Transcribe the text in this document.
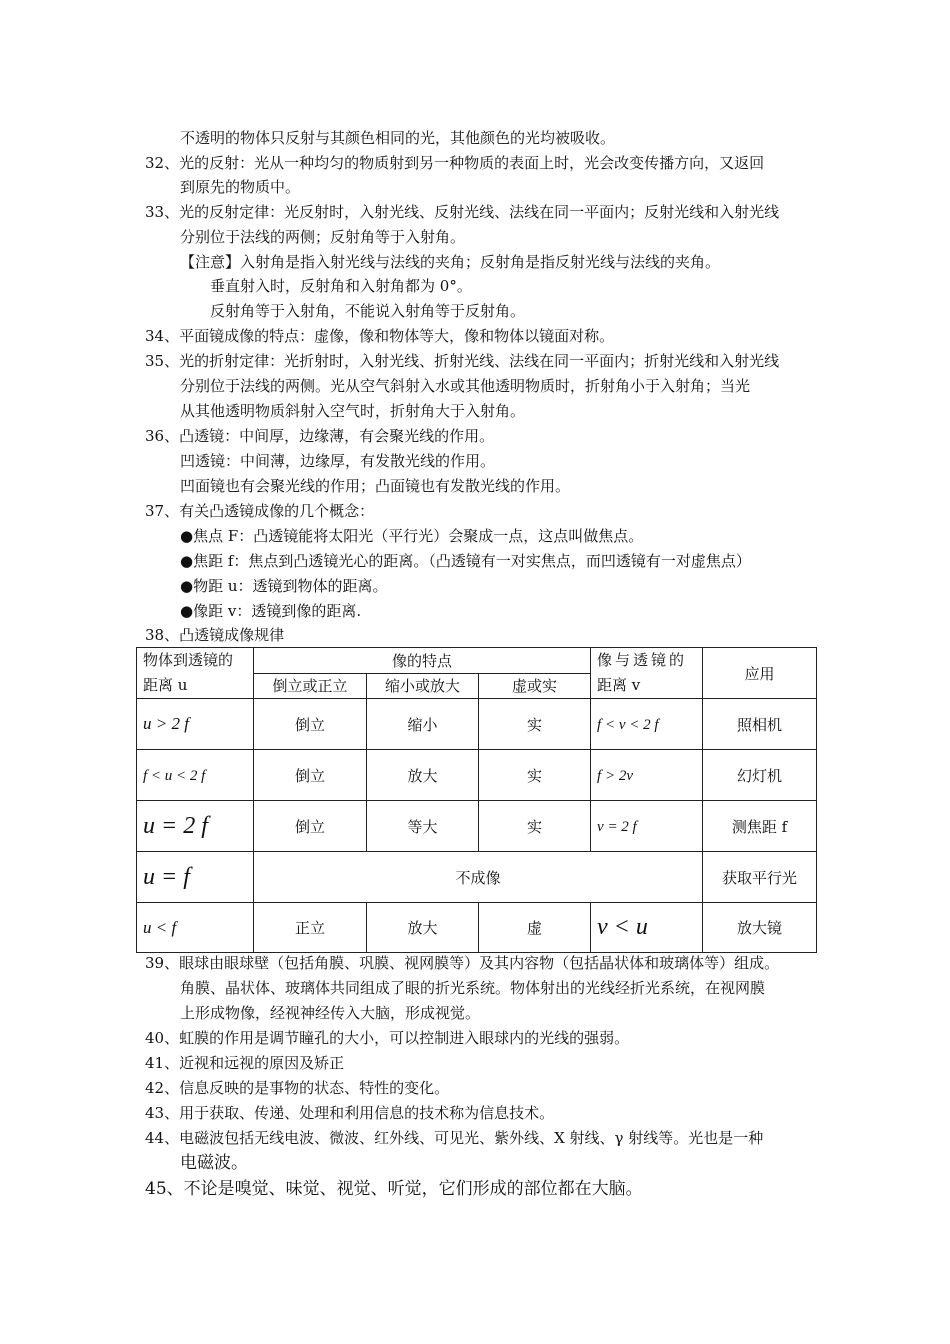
不透明的物体只反射与其颜色相同的光，其他颜色的光均被吸收。
32、光的反射：光从一种均匀的物质射到另一种物质的表面上时，光会改变传播方向，又返回
到原先的物质中。
33、光的反射定律：光反射时，入射光线、反射光线、法线在同一平面内；反射光线和入射光线
分别位于法线的两侧；反射角等于入射角。
【注意】入射角是指入射光线与法线的夹角；反射角是指反射光线与法线的夹角。
垂直射入时，反射角和入射角都为 0°。
反射角等于入射角，不能说入射角等于反射角。
34、平面镜成像的特点：虚像，像和物体等大，像和物体以镜面对称。
35、光的折射定律：光折射时，入射光线、折射光线、法线在同一平面内；折射光线和入射光线
分别位于法线的两侧。光从空气斜射入水或其他透明物质时，折射角小于入射角；当光
从其他透明物质斜射入空气时，折射角大于入射角。
36、凸透镜：中间厚，边缘薄，有会聚光线的作用。
凹透镜：中间薄，边缘厚，有发散光线的作用。
凹面镜也有会聚光线的作用；凸面镜也有发散光线的作用。
37、有关凸透镜成像的几个概念：
●焦点 F：凸透镜能将太阳光（平行光）会聚成一点，这点叫做焦点。
●焦距 f：焦点到凸透镜光心的距离。（凸透镜有一对实焦点，而凹透镜有一对虚焦点）
●物距 u：透镜到物体的距离。
●像距 v：透镜到像的距离.
38、凸透镜成像规律
物体到透镜的
距离 u	像的特点			像与透镜的
距离 v	应用
	倒立或正立	缩小或放大	虚或实		
u > 2 f	倒立	缩小	实	f < v < 2 f	照相机
f < u < 2 f	倒立	放大	实	f > 2v	幻灯机
u = 2 f	倒立	等大	实	v = 2 f	测焦距 f
u = f	不成像				获取平行光
u < f	正立	放大	虚	v < u	放大镜
39、眼球由眼球壁（包括角膜、巩膜、视网膜等）及其内容物（包括晶状体和玻璃体等）组成。
角膜、晶状体、玻璃体共同组成了眼的折光系统。物体射出的光线经折光系统，在视网膜
上形成物像，经视神经传入大脑，形成视觉。
40、虹膜的作用是调节瞳孔的大小，可以控制进入眼球内的光线的强弱。
41、近视和远视的原因及矫正
42、信息反映的是事物的状态、特性的变化。
43、用于获取、传递、处理和利用信息的技术称为信息技术。
44、电磁波包括无线电波、微波、红外线、可见光、紫外线、X 射线、γ 射线等。光也是一种
电磁波。
45、不论是嗅觉、味觉、视觉、听觉，它们形成的部位都在大脑。
